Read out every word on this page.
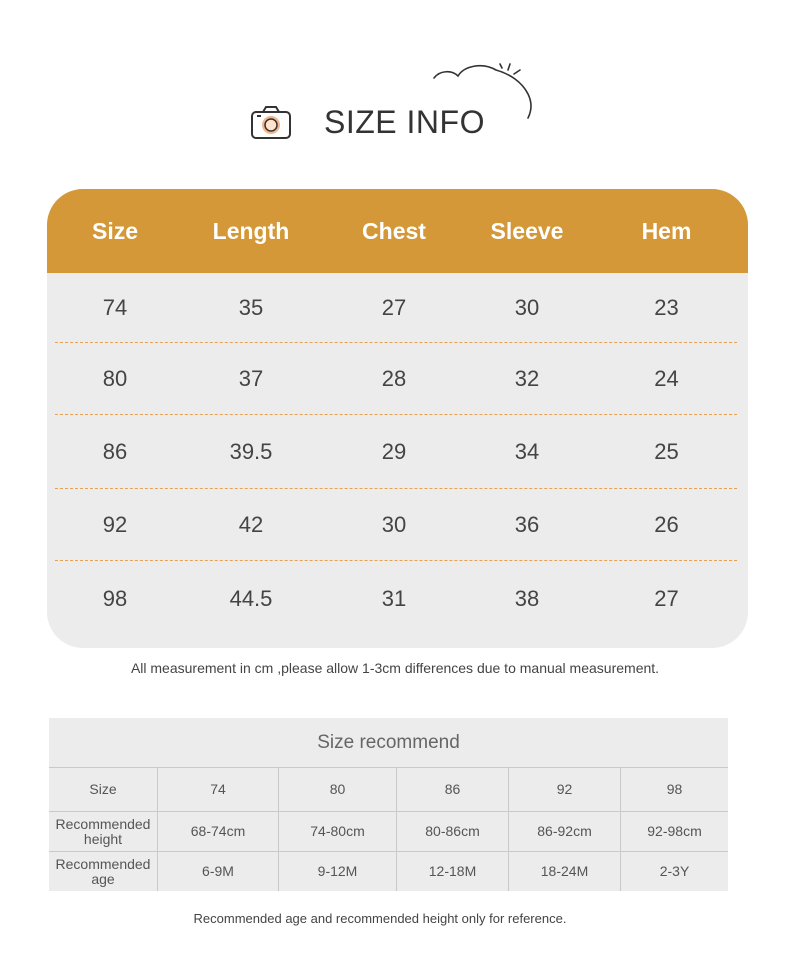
SIZE INFO
Size	Length	Chest	Sleeve	Hem
74	35	27	30	23
80	37	28	32	24
86	39.5	29	34	25
92	42	30	36	26
98	44.5	31	38	27
All measurement in cm ,please allow 1-3cm differences due to manual measurement.
Size recommend
Size	74	80	86	92	98
Recommended height	68-74cm	74-80cm	80-86cm	86-92cm	92-98cm
Recommended age	6-9M	9-12M	12-18M	18-24M	2-3Y
Recommended age and recommended height only for reference.
